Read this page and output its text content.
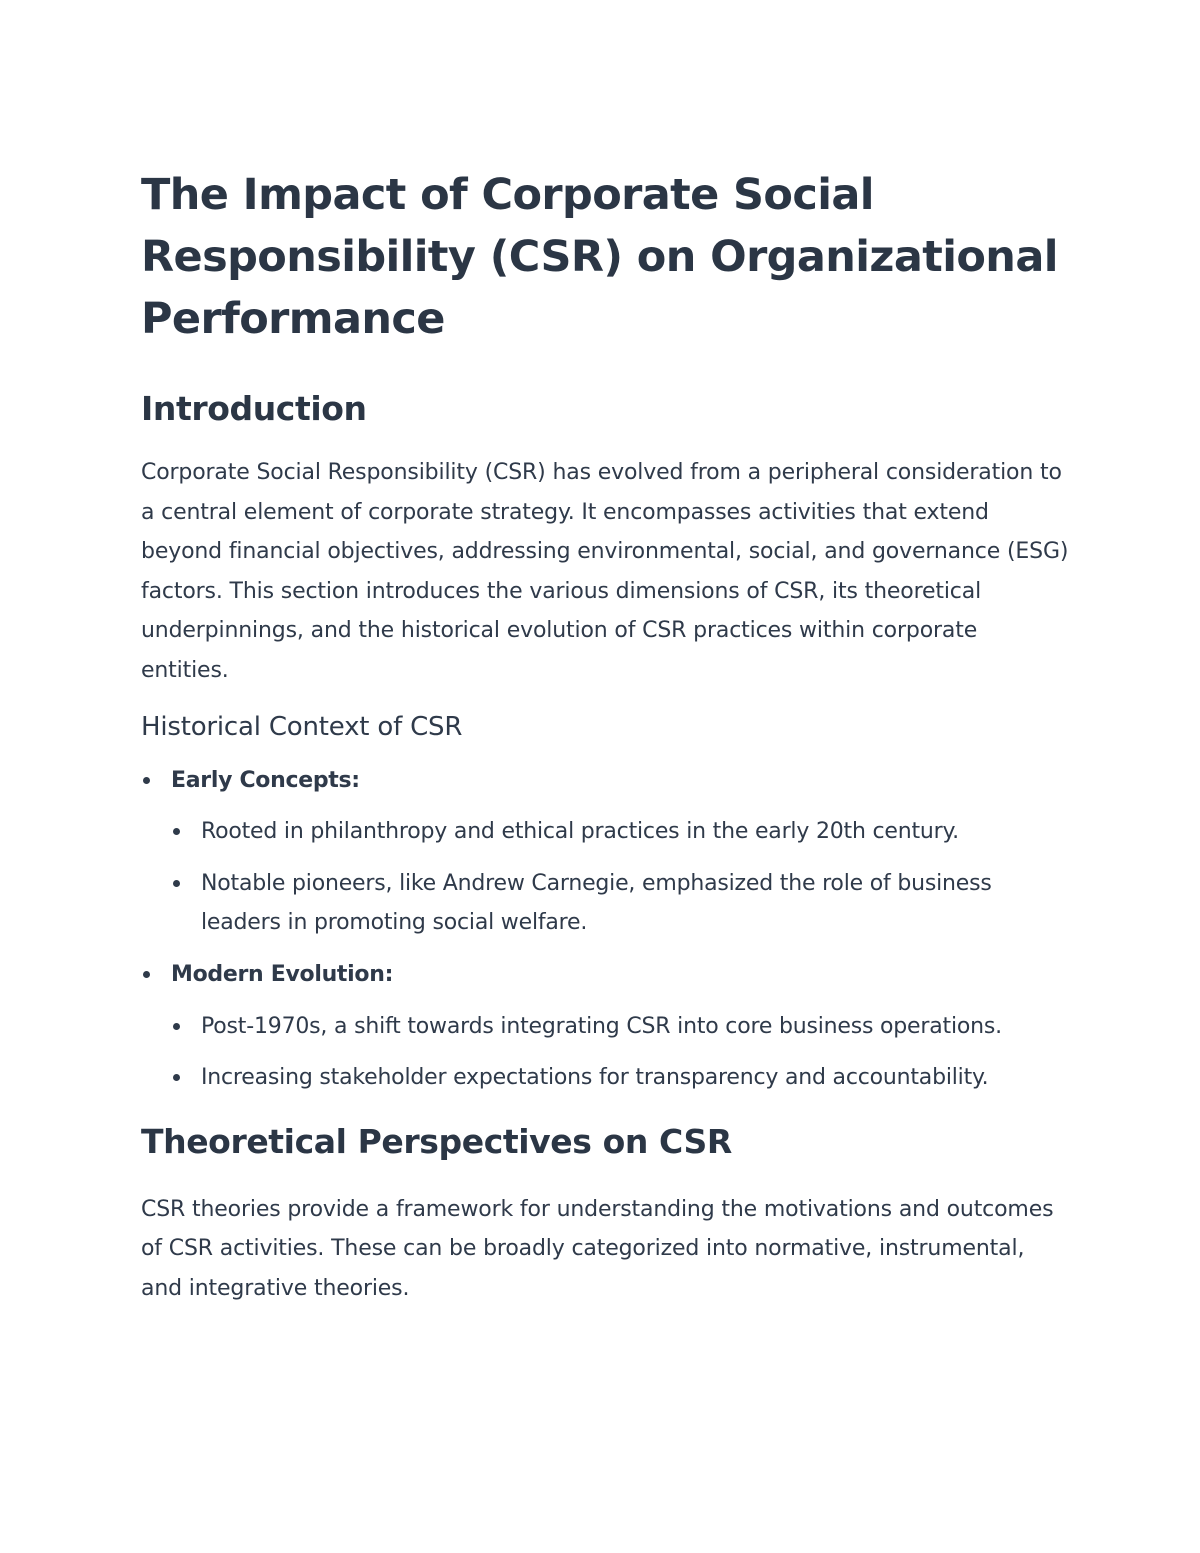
The Impact of Corporate Social Responsibility (CSR) on Organizational Performance
Introduction

Corporate Social Responsibility (CSR) has evolved from a peripheral consideration to a central element of corporate strategy. It encompasses activities that extend beyond financial objectives, addressing environmental, social, and governance (ESG) factors. This section introduces the various dimensions of CSR, its theoretical underpinnings, and the historical evolution of CSR practices within corporate entities.

Historical Context of CSR
Early Concepts:
Rooted in philanthropy and ethical practices in the early 20th century.
Notable pioneers, like Andrew Carnegie, emphasized the role of business leaders in promoting social welfare.
Modern Evolution:
Post-1970s, a shift towards integrating CSR into core business operations.
Increasing stakeholder expectations for transparency and accountability.
Theoretical Perspectives on CSR

CSR theories provide a framework for understanding the motivations and outcomes of CSR activities. These can be broadly categorized into normative, instrumental, and integrative theories.
